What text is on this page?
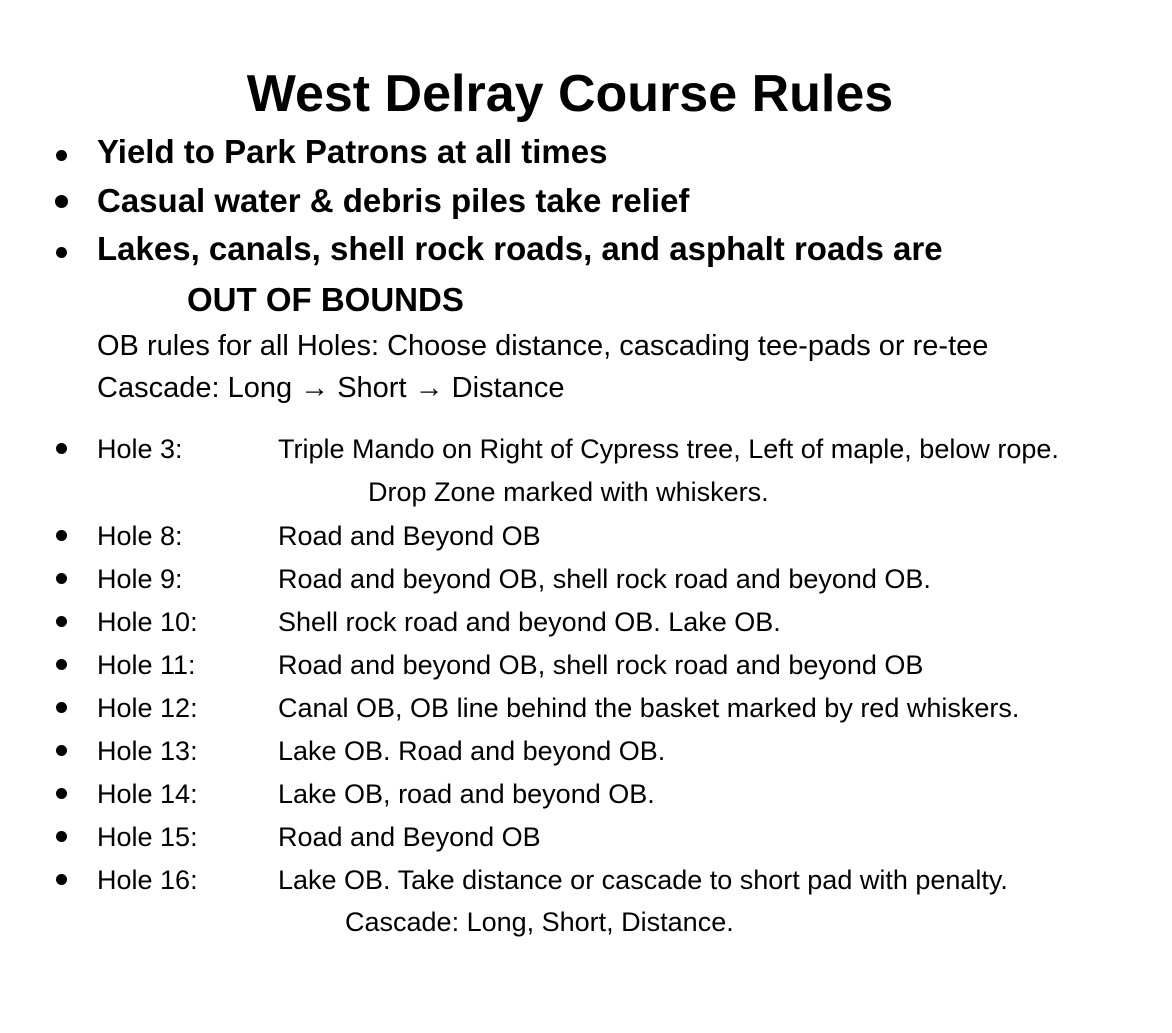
West Delray Course Rules
Yield to Park Patrons at all times
Casual water & debris piles take relief
Lakes, canals, shell rock roads, and asphalt roads are
OUT OF BOUNDS
OB rules for all Holes: Choose distance, cascading tee-pads or re-tee
Cascade: Long → Short → Distance
Hole 3:	Triple Mando on Right of Cypress tree, Left of maple, below rope.
Drop Zone marked with whiskers.
Hole 8:	Road and Beyond OB
Hole 9:	Road and beyond OB, shell rock road and beyond OB.
Hole 10:	Shell rock road and beyond OB. Lake OB.
Hole 11:	Road and beyond OB, shell rock road and beyond OB
Hole 12:	Canal OB, OB line behind the basket marked by red whiskers.
Hole 13:	Lake OB. Road and beyond OB.
Hole 14:	Lake OB, road and beyond OB.
Hole 15:	Road and Beyond OB
Hole 16:	Lake OB. Take distance or cascade to short pad with penalty.
Cascade: Long, Short, Distance.
